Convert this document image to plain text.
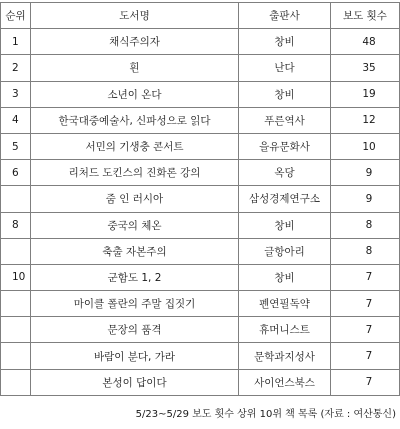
순위	도서명	출판사	보도 횟수
1	채식주의자	창비	48
2	흰	난다	35
3	소년이 온다	창비	19
4	한국대중예술사, 신파성으로 읽다	푸른역사	12
5	서민의 기생충 콘서트	을유문화사	10
6	리처드 도킨스의 진화론 강의	옥당	9
	줌 인 러시아	삼성경제연구소	9
8	중국의 체온	창비	8
	축출 자본주의	글항아리	8
10	군함도 1, 2	창비	7
	마이클 폴란의 주말 집짓기	펜연필독약	7
	문장의 품격	휴머니스트	7
	바람이 분다, 가라	문학과지성사	7
	본성이 답이다	사이언스북스	7
5/23~5/29 보도 횟수 상위 10위 책 목록 (자료 : 여산통신)
